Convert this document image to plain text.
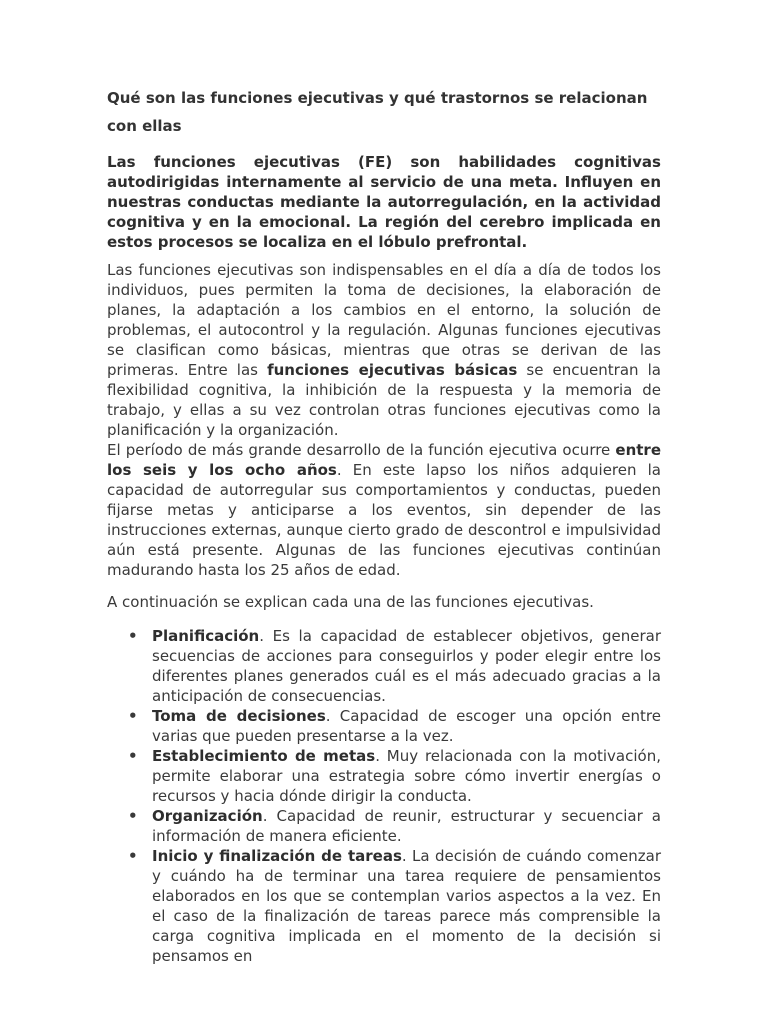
Qué son las funciones ejecutivas y qué trastornos se relacionan con ellas

Las funciones ejecutivas (FE) son habilidades cognitivas autodirigidas internamente al servicio de una meta. Influyen en nuestras conductas mediante la autorregulación, en la actividad cognitiva y en la emocional. La región del cerebro implicada en estos procesos se localiza en el lóbulo prefrontal.

Las funciones ejecutivas son indispensables en el día a día de todos los individuos, pues permiten la toma de decisiones, la elaboración de planes, la adaptación a los cambios en el entorno, la solución de problemas, el autocontrol y la regulación. Algunas funciones ejecutivas se clasifican como básicas, mientras que otras se derivan de las primeras. Entre las funciones ejecutivas básicas se encuentran la flexibilidad cognitiva, la inhibición de la respuesta y la memoria de trabajo, y ellas a su vez controlan otras funciones ejecutivas como la planificación y la organización.

El período de más grande desarrollo de la función ejecutiva ocurre entre los seis y los ocho años. En este lapso los niños adquieren la capacidad de autorregular sus comportamientos y conductas, pueden fijarse metas y anticiparse a los eventos, sin depender de las instrucciones externas, aunque cierto grado de descontrol e impulsividad aún está presente. Algunas de las funciones ejecutivas continúan madurando hasta los 25 años de edad.

A continuación se explican cada una de las funciones ejecutivas.

• Planificación. Es la capacidad de establecer objetivos, generar secuencias de acciones para conseguirlos y poder elegir entre los diferentes planes generados cuál es el más adecuado gracias a la anticipación de consecuencias.
• Toma de decisiones. Capacidad de escoger una opción entre varias que pueden presentarse a la vez.
• Establecimiento de metas. Muy relacionada con la motivación, permite elaborar una estrategia sobre cómo invertir energías o recursos y hacia dónde dirigir la conducta.
• Organización. Capacidad de reunir, estructurar y secuenciar a información de manera eficiente.
• Inicio y finalización de tareas. La decisión de cuándo comenzar y cuándo ha de terminar una tarea requiere de pensamientos elaborados en los que se contemplan varios aspectos a la vez. En el caso de la finalización de tareas parece más comprensible la carga cognitiva implicada en el momento de la decisión si pensamos en
